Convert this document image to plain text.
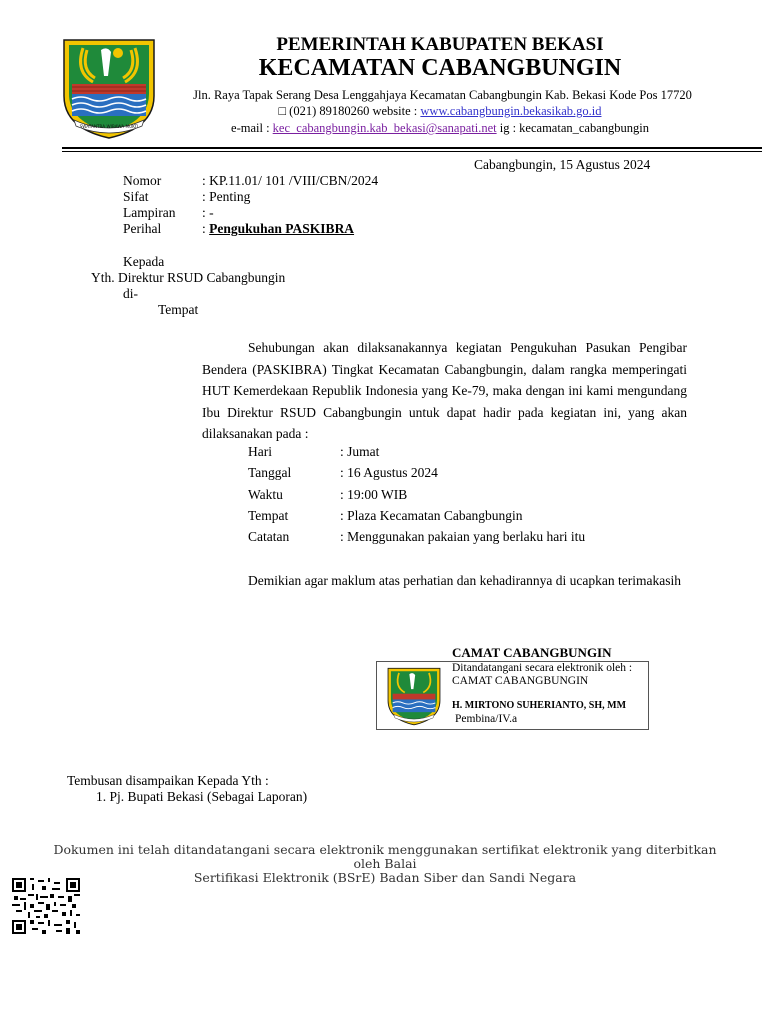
SWATANTRA WIBAWA MUKTI
PEMERINTAH KABUPATEN BEKASI
KECAMATAN CABANGBUNGIN
Jln. Raya Tapak Serang Desa Lenggahjaya Kecamatan Cabangbungin Kab. Bekasi Kode Pos 17720
□ (021) 89180260 website : www.cabangbungin.bekasikab.go.id
e-mail : kec_cabangbungin.kab_bekasi@sanapati.net ig : kecamatan_cabangbungin
Cabangbungin, 15 Agustus 2024
Nomor	: KP.11.01/ 101 /VIII/CBN/2024
Sifat	: Penting
Lampiran : -
Perihal	: Pengukuhan PASKIBRA
Kepada
Yth. Direktur RSUD Cabangbungin
di-
Tempat
Sehubungan akan dilaksanakannya kegiatan Pengukuhan Pasukan Pengibar Bendera (PASKIBRA) Tingkat Kecamatan Cabangbungin, dalam rangka memperingati HUT Kemerdekaan Republik Indonesia yang Ke-79, maka dengan ini kami mengundang Ibu Direktur RSUD Cabangbungin untuk dapat hadir pada kegiatan ini, yang akan dilaksanakan pada :
Hari	: Jumat
Tanggal	: 16 Agustus 2024
Waktu	: 19:00 WIB
Tempat	: Plaza Kecamatan Cabangbungin
Catatan	: Menggunakan pakaian yang berlaku hari itu
Demikian agar maklum atas perhatian dan kehadirannya di ucapkan terimakasih
CAMAT CABANGBUNGIN
Ditandatangani secara elektronik oleh :
CAMAT CABANGBUNGIN
H. MIRTONO SUHERIANTO, SH, MM
Pembina/IV.a
Tembusan disampaikan Kepada Yth :
1. Pj. Bupati Bekasi (Sebagai Laporan)
Dokumen ini telah ditandatangani secara elektronik menggunakan sertifikat elektronik yang diterbitkan oleh Balai
Sertifikasi Elektronik (BSrE) Badan Siber dan Sandi Negara
